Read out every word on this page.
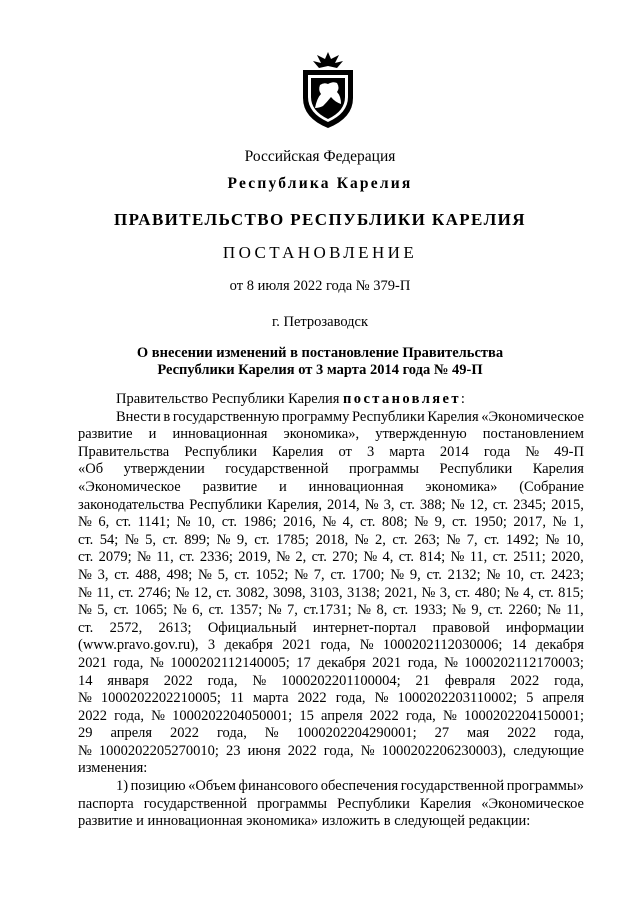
Российская Федерация
Республика Карелия
ПРАВИТЕЛЬСТВО РЕСПУБЛИКИ КАРЕЛИЯ
ПОСТАНОВЛЕНИЕ
от 8 июля 2022 года № 379-П
г. Петрозаводск
О внесении изменений в постановление Правительства
Республики Карелия от 3 марта 2014 года № 49-П
Правительство Республики Карелия постановляет :
Внести в государственную программу Республики Карелия «Экономическое
развитие и инновационная экономика», утвержденную постановлением
Правительства Республики Карелия от 3 марта 2014 года № 49-П
«Об утверждении государственной программы Республики Карелия
«Экономическое развитие и инновационная экономика» (Собрание
законодательства Республики Карелия, 2014, № 3, ст. 388; № 12, ст. 2345; 2015,
№ 6, ст. 1141; № 10, ст. 1986; 2016, № 4, ст. 808; № 9, ст. 1950; 2017, № 1,
ст. 54; № 5, ст. 899; № 9, ст. 1785; 2018, № 2, ст. 263; № 7, ст. 1492; № 10,
ст. 2079; № 11, ст. 2336; 2019, № 2, ст. 270; № 4, ст. 814; № 11, ст. 2511; 2020,
№ 3, ст. 488, 498; № 5, ст. 1052; № 7, ст. 1700; № 9, ст. 2132; № 10, ст. 2423;
№ 11, ст. 2746; № 12, ст. 3082, 3098, 3103, 3138; 2021, № 3, ст. 480; № 4, ст. 815;
№ 5, ст. 1065; № 6, ст. 1357; № 7, ст.1731; № 8, ст. 1933; № 9, ст. 2260; № 11,
ст. 2572, 2613; Официальный интернет-портал правовой информации
(www.pravo.gov.ru), 3 декабря 2021 года, № 1000202112030006; 14 декабря
2021 года, № 1000202112140005; 17 декабря 2021 года, № 1000202112170003;
14 января 2022 года, № 1000202201100004; 21 февраля 2022 года,
№ 1000202202210005; 11 марта 2022 года, № 1000202203110002; 5 апреля
2022 года, № 1000202204050001; 15 апреля 2022 года, № 1000202204150001;
29 апреля 2022 года, № 1000202204290001; 27 мая 2022 года,
№ 1000202205270010; 23 июня 2022 года, № 1000202206230003), следующие
изменения:
1) позицию «Объем финансового обеспечения государственной программы»
паспорта государственной программы Республики Карелия «Экономическое
развитие и инновационная экономика» изложить в следующей редакции:
